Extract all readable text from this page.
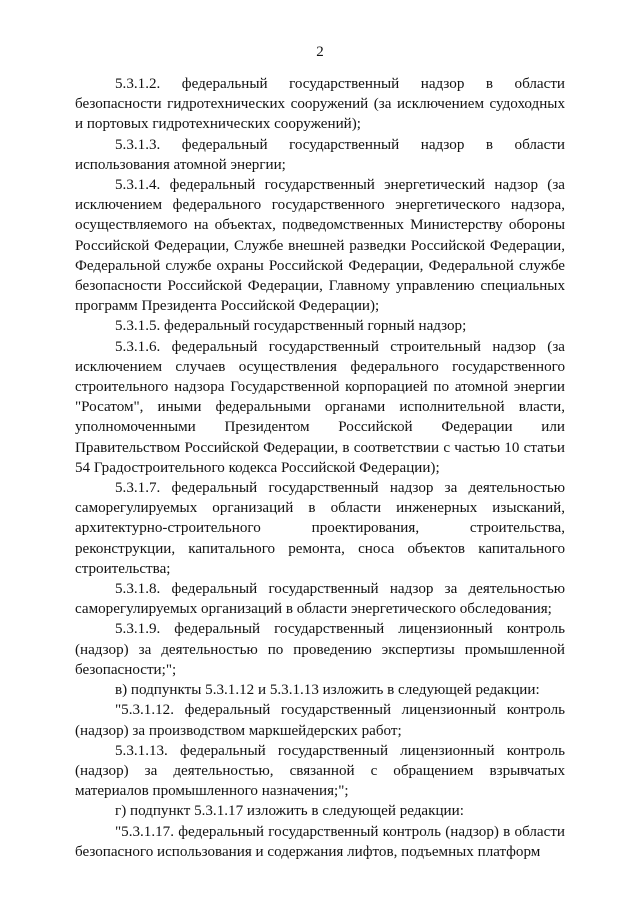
2

5.3.1.2. федеральный государственный надзор в области безопасности гидротехнических сооружений (за исключением судоходных и портовых гидротехнических сооружений);

5.3.1.3. федеральный государственный надзор в области использования атомной энергии;

5.3.1.4. федеральный государственный энергетический надзор (за исключением федерального государственного энергетического надзора, осуществляемого на объектах, подведомственных Министерству обороны Российской Федерации, Службе внешней разведки Российской Федерации, Федеральной службе охраны Российской Федерации, Федеральной службе безопасности Российской Федерации, Главному управлению специальных программ Президента Российской Федерации);

5.3.1.5. федеральный государственный горный надзор;

5.3.1.6. федеральный государственный строительный надзор (за исключением случаев осуществления федерального государственного строительного надзора Государственной корпорацией по атомной энергии "Росатом", иными федеральными органами исполнительной власти, уполномоченными Президентом Российской Федерации или Правительством Российской Федерации, в соответствии с частью 10 статьи 54 Градостроительного кодекса Российской Федерации);

5.3.1.7. федеральный государственный надзор за деятельностью саморегулируемых организаций в области инженерных изысканий, архитектурно-строительного проектирования, строительства, реконструкции, капитального ремонта, сноса объектов капитального строительства;

5.3.1.8. федеральный государственный надзор за деятельностью саморегулируемых организаций в области энергетического обследования;

5.3.1.9. федеральный государственный лицензионный контроль (надзор) за деятельностью по проведению экспертизы промышленной безопасности;";

в) подпункты 5.3.1.12 и 5.3.1.13 изложить в следующей редакции:

"5.3.1.12. федеральный государственный лицензионный контроль (надзор) за производством маркшейдерских работ;

5.3.1.13. федеральный государственный лицензионный контроль (надзор) за деятельностью, связанной с обращением взрывчатых материалов промышленного назначения;";

г) подпункт 5.3.1.17 изложить в следующей редакции:

"5.3.1.17. федеральный государственный контроль (надзор) в области безопасного использования и содержания лифтов, подъемных платформ
